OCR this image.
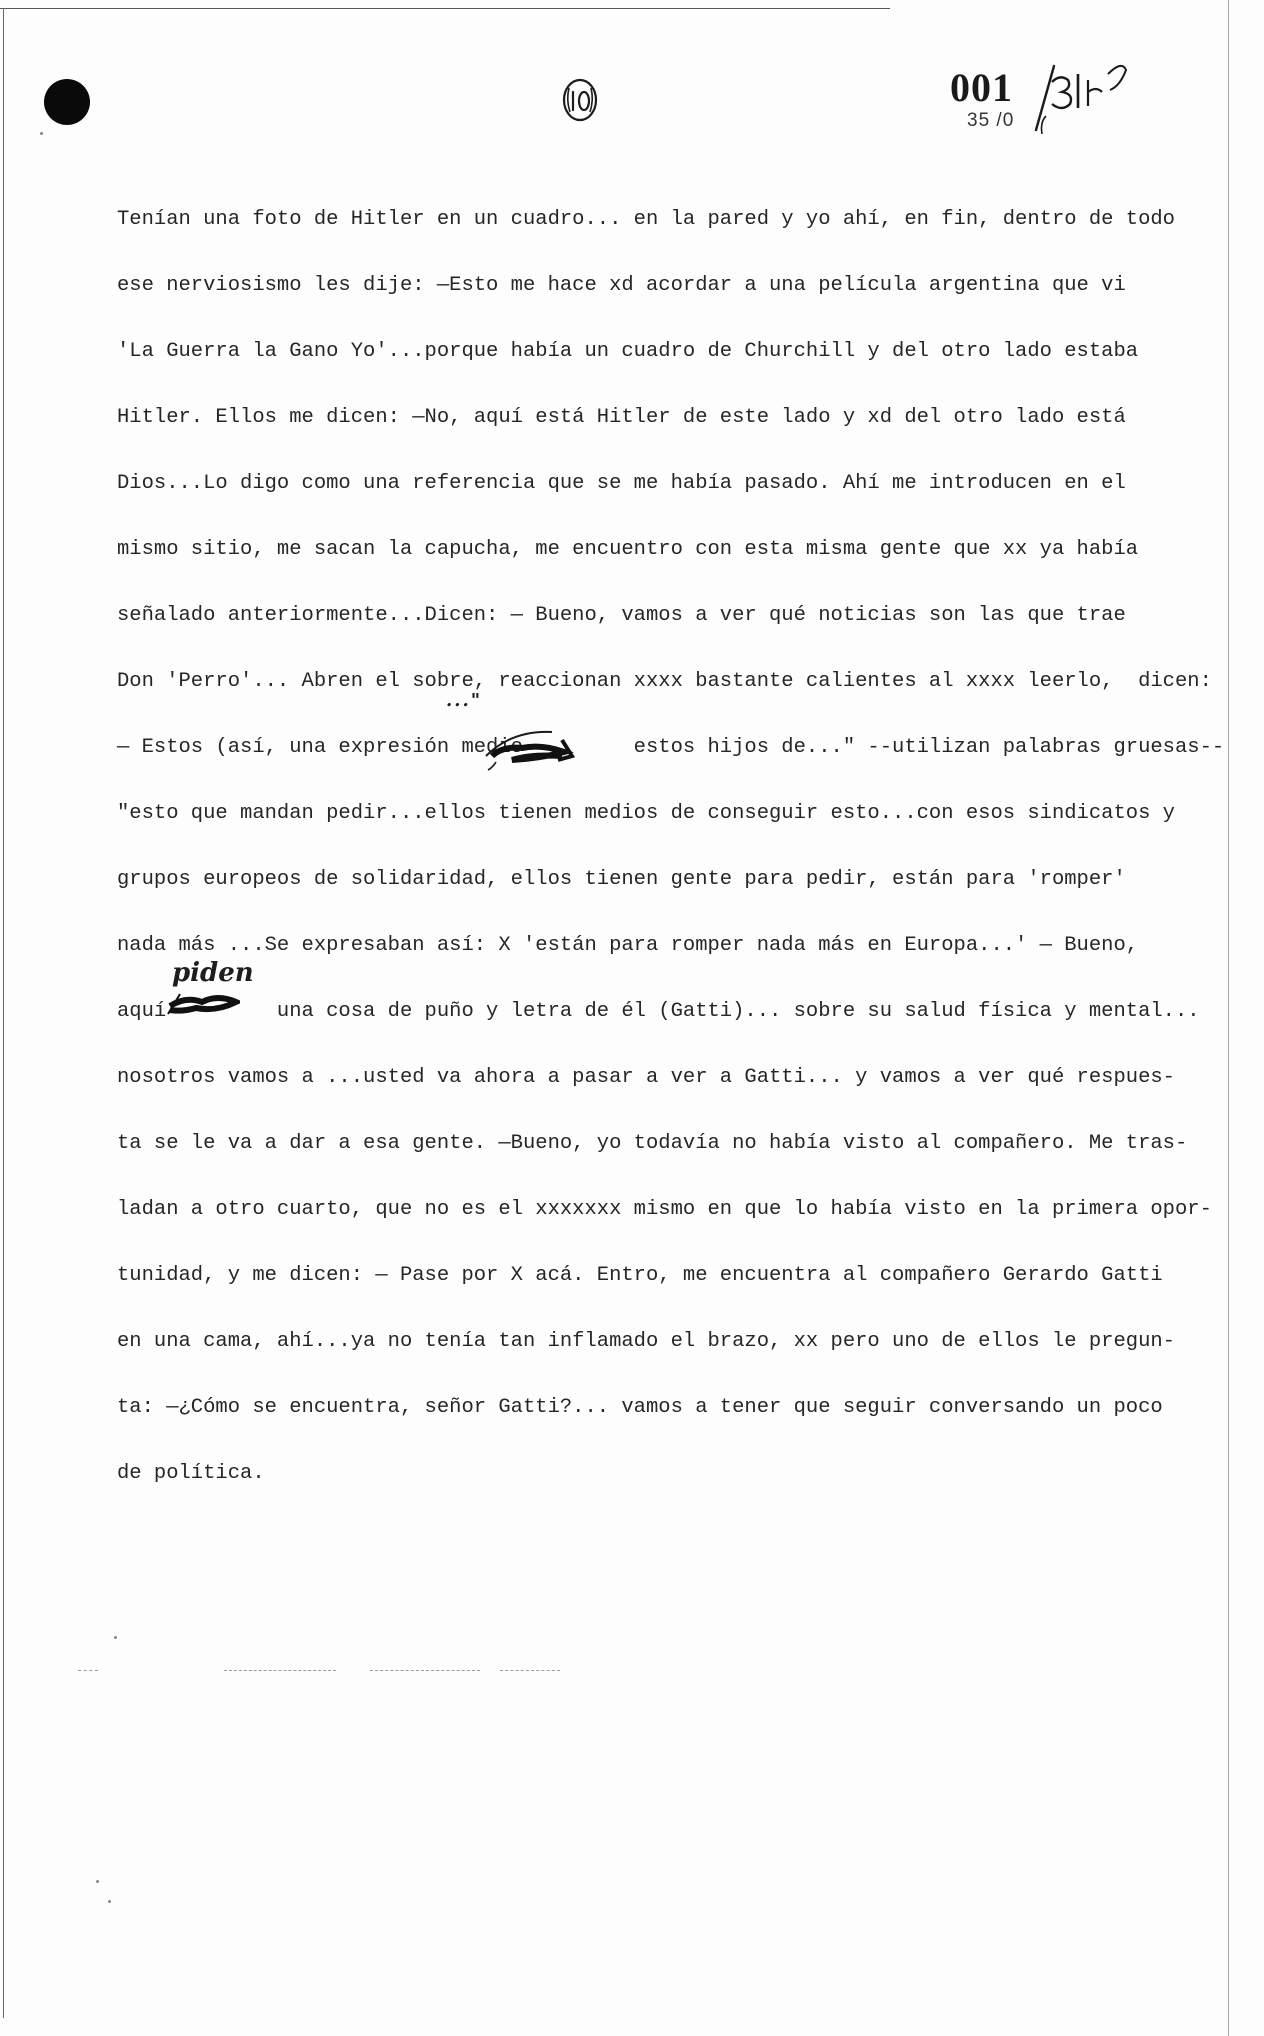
001
35 /0
Tenían una foto de Hitler en un cuadro... en la pared y yo ahí, en fin, dentro de todo
ese nerviosismo les dije: —Esto me hace xd acordar a una película argentina que vi
'La Guerra la Gano Yo'...porque había un cuadro de Churchill y del otro lado estaba
Hitler. Ellos me dicen: —No, aquí está Hitler de este lado y xd del otro lado está
Dios...Lo digo como una referencia que se me había pasado. Ahí me introducen en el
mismo sitio, me sacan la capucha, me encuentro con esta misma gente que xx ya había
señalado anteriormente...Dicen: — Bueno, vamos a ver qué noticias son las que trae
Don 'Perro'... Abren el sobre, reaccionan xxxx bastante calientes al xxxx leerlo,  dicen:
— Estos (así, una expresión medio         estos hijos de..." --utilizan palabras gruesas--
"esto que mandan pedir...ellos tienen medios de conseguir esto...con esos sindicatos y
grupos europeos de solidaridad, ellos tienen gente para pedir, están para 'romper'
nada más ...Se expresaban así: X 'están para romper nada más en Europa...' — Bueno,
aquí         una cosa de puño y letra de él (Gatti)... sobre su salud física y mental...
nosotros vamos a ...usted va ahora a pasar a ver a Gatti... y vamos a ver qué respues-
ta se le va a dar a esa gente. —Bueno, yo todavía no había visto al compañero. Me tras-
ladan a otro cuarto, que no es el xxxxxxx mismo en que lo había visto en la primera opor-
tunidad, y me dicen: — Pase por X acá. Entro, me encuentra al compañero Gerardo Gatti
en una cama, ahí...ya no tenía tan inflamado el brazo, xx pero uno de ellos le pregun-
ta: —¿Cómo se encuentra, señor Gatti?... vamos a tener que seguir conversando un poco
de política.
piden
..."
